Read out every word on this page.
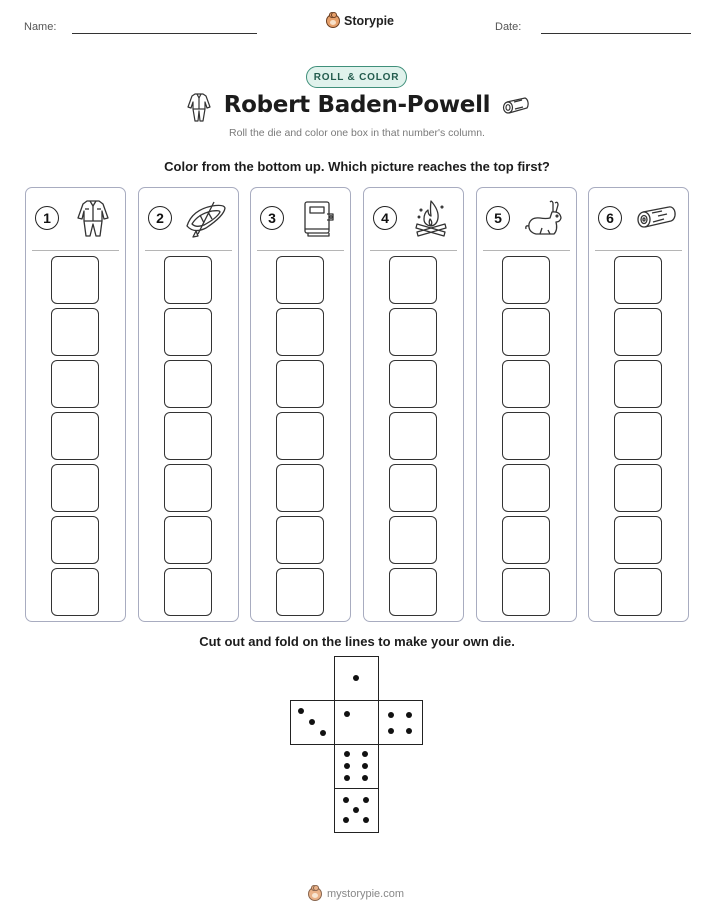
Name:	Storypie	Date:
ROLL & COLOR
Robert Baden-Powell
Roll the die and color one box in that number's column.
Color from the bottom up. Which picture reaches the top first?
1	2	3	4	5	6
Cut out and fold on the lines to make your own die.
mystorypie.com
